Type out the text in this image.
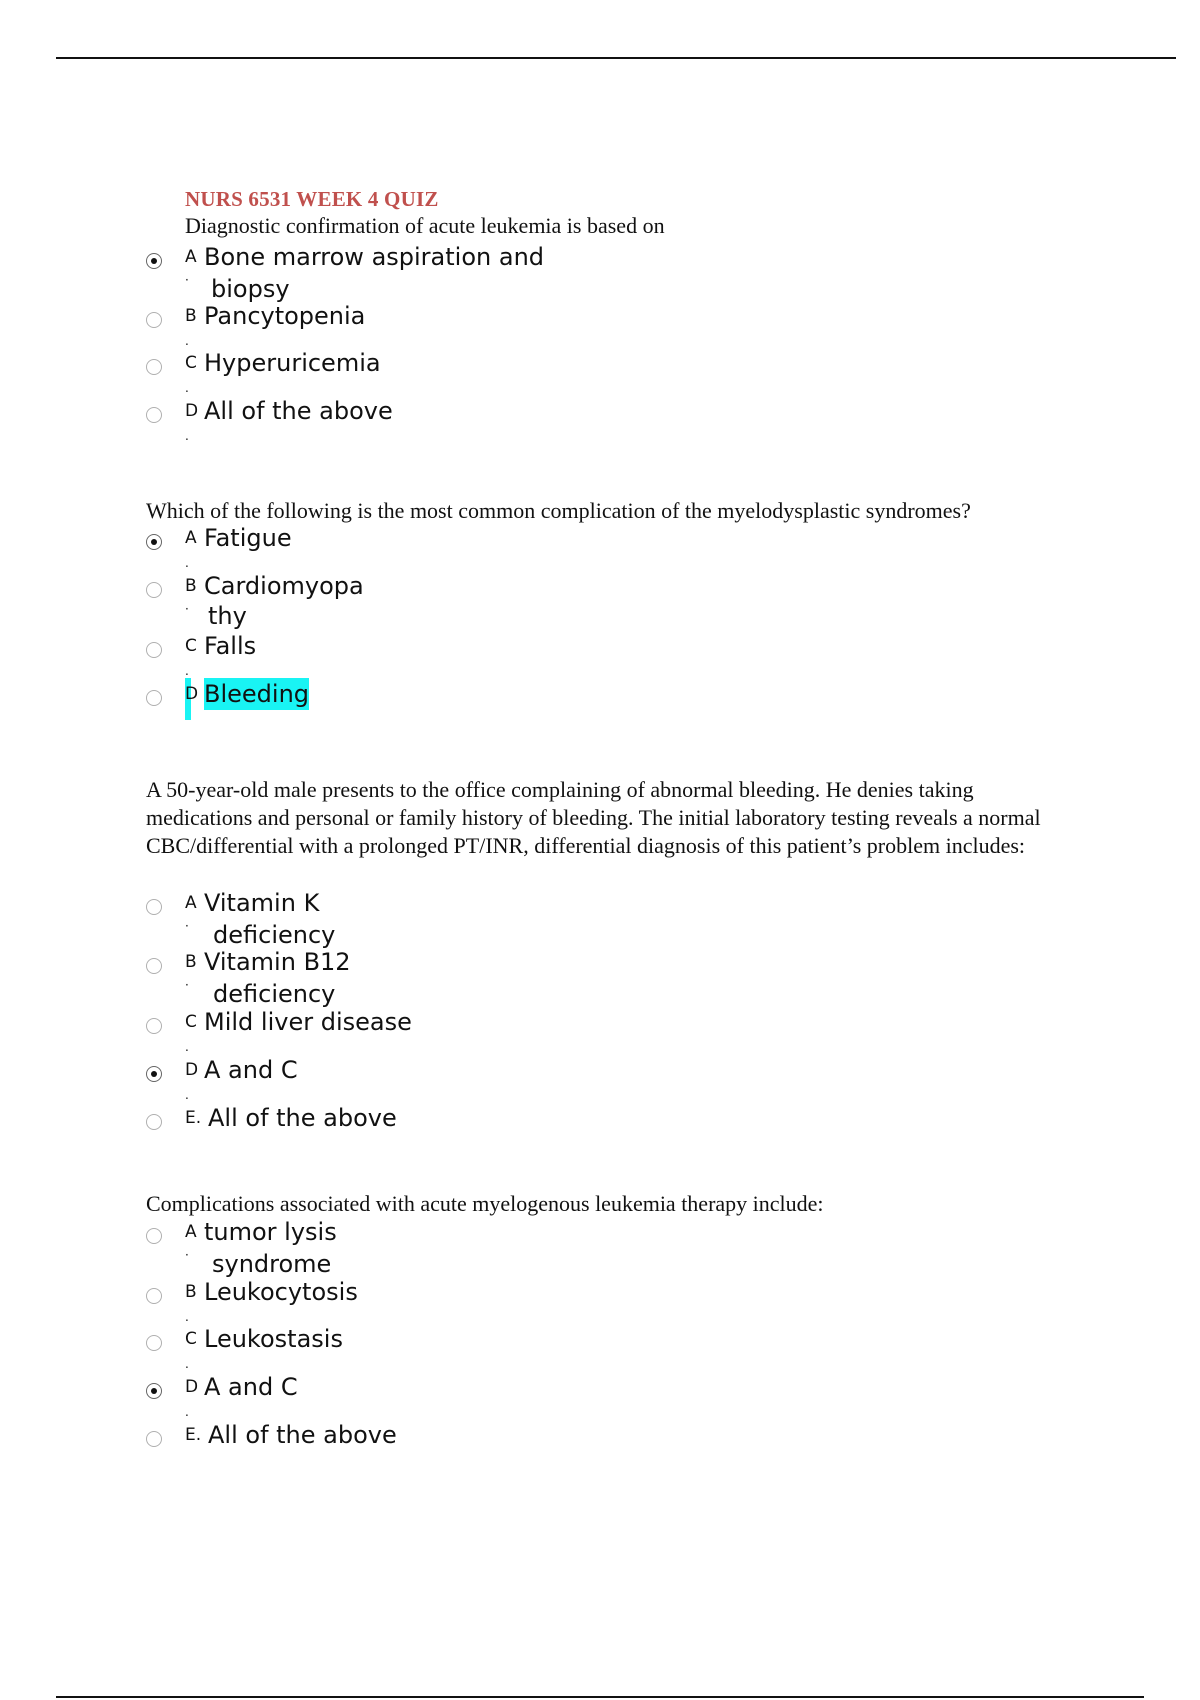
NURS 6531 WEEK 4 QUIZ
Diagnostic confirmation of acute leukemia is based on
A Bone marrow aspiration and
· biopsy
B Pancytopenia
.
C Hyperuricemia
.
D All of the above
.
Which of the following is the most common complication of the myelodysplastic syndromes?
A Fatigue
.
B Cardiomyopa
· thy
C Falls
.
D Bleeding
A 50-year-old male presents to the office complaining of abnormal bleeding. He denies taking medications and personal or family history of bleeding. The initial laboratory testing reveals a normal CBC/differential with a prolonged PT/INR, differential diagnosis of this patient’s problem includes:
A Vitamin K
· deficiency
B Vitamin B12
· deficiency
C Mild liver disease
.
D A and C
.
E. All of the above
Complications associated with acute myelogenous leukemia therapy include:
A tumor lysis
· syndrome
B Leukocytosis
.
C Leukostasis
.
D A and C
.
E. All of the above
